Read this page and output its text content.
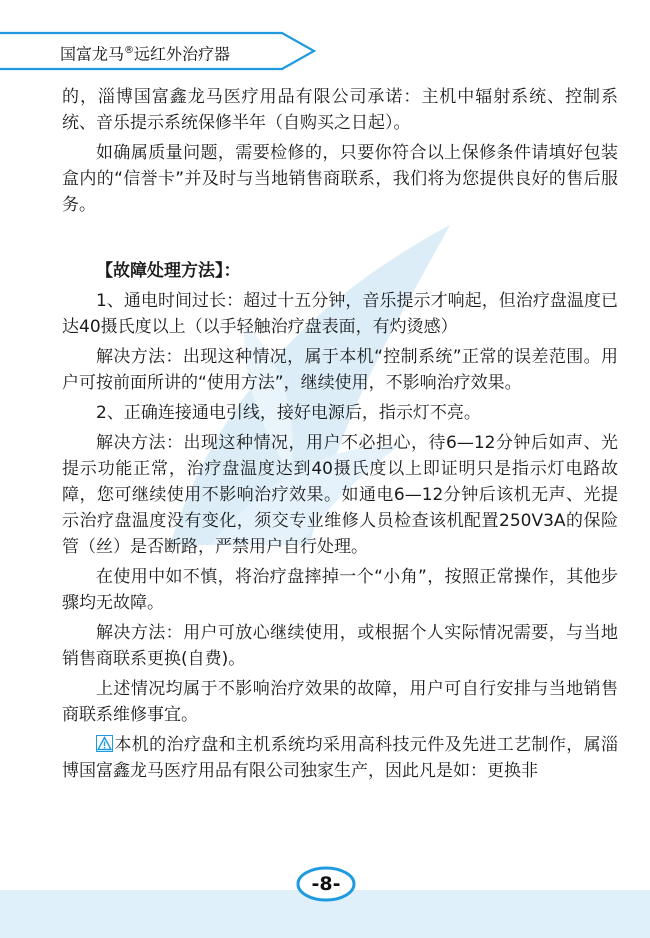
国富龙马®远红外治疗器

的，淄博国富鑫龙马医疗用品有限公司承诺：主机中辐射系统、控制系统、音乐提示系统保修半年（自购买之日起）。

如确属质量问题，需要检修的，只要你符合以上保修条件请填好包装盒内的“信誉卡”并及时与当地销售商联系，我们将为您提供良好的售后服务。

【故障处理方法】：

1、通电时间过长：超过十五分钟，音乐提示才响起，但治疗盘温度已达40摄氏度以上（以手轻触治疗盘表面，有灼烫感）

解决方法：出现这种情况，属于本机“控制系统”正常的误差范围。用户可按前面所讲的“使用方法”，继续使用，不影响治疗效果。

2、正确连接通电引线，接好电源后，指示灯不亮。

解决方法：出现这种情况，用户不必担心，待6—12分钟后如声、光提示功能正常，治疗盘温度达到40摄氏度以上即证明只是指示灯电路故障，您可继续使用不影响治疗效果。如通电6—12分钟后该机无声、光提示治疗盘温度没有变化，须交专业维修人员检查该机配置250V3A的保险管（丝）是否断路，严禁用户自行处理。

在使用中如不慎，将治疗盘摔掉一个“小角”，按照正常操作，其他步骤均无故障。

解决方法：用户可放心继续使用，或根据个人实际情况需要，与当地销售商联系更换(自费)。

上述情况均属于不影响治疗效果的故障，用户可自行安排与当地销售商联系维修事宜。

本机的治疗盘和主机系统均采用高科技元件及先进工艺制作，属淄博国富鑫龙马医疗用品有限公司独家生产，因此凡是如：更换非

-8-
